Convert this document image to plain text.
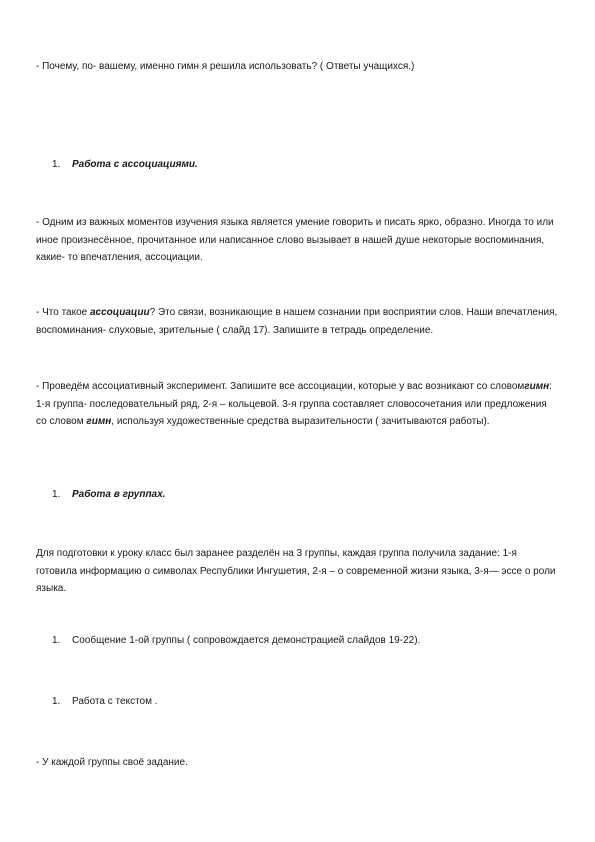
- Почему, по- вашему, именно гимн я решила использовать? ( Ответы учащихся.)

1. Работа с ассоциациями.

- Одним из важных моментов изучения языка является умение говорить и писать ярко, образно. Иногда то или иное произнесённое, прочитанное или написанное слово вызывает в нашей душе некоторые воспоминания, какие- то впечатления, ассоциации.

- Что такое ассоциации? Это связи, возникающие в нашем сознании при восприятии слов. Наши впечатления, воспоминания- слуховые, зрительные ( слайд 17). Запишите в тетрадь определение.

- Проведём ассоциативный эксперимент. Запишите все ассоциации, которые у вас возникают со словомгимн: 1-я группа- последовательный ряд, 2-я – кольцевой. 3-я группа составляет словосочетания или предложения со словом гимн, используя художественные средства выразительности ( зачитываются работы).

1. Работа в группах.

Для подготовки к уроку класс был заранее разделён на 3 группы, каждая группа получила задание: 1-я готовила информацию о символах Республики Ингушетия, 2-я – о современной жизни языка, 3-я— эссе о роли языка.

1. Сообщение 1-ой группы ( сопровождается демонстрацией слайдов 19-22).

1. Работа с текстом .

- У каждой группы своё задание.
